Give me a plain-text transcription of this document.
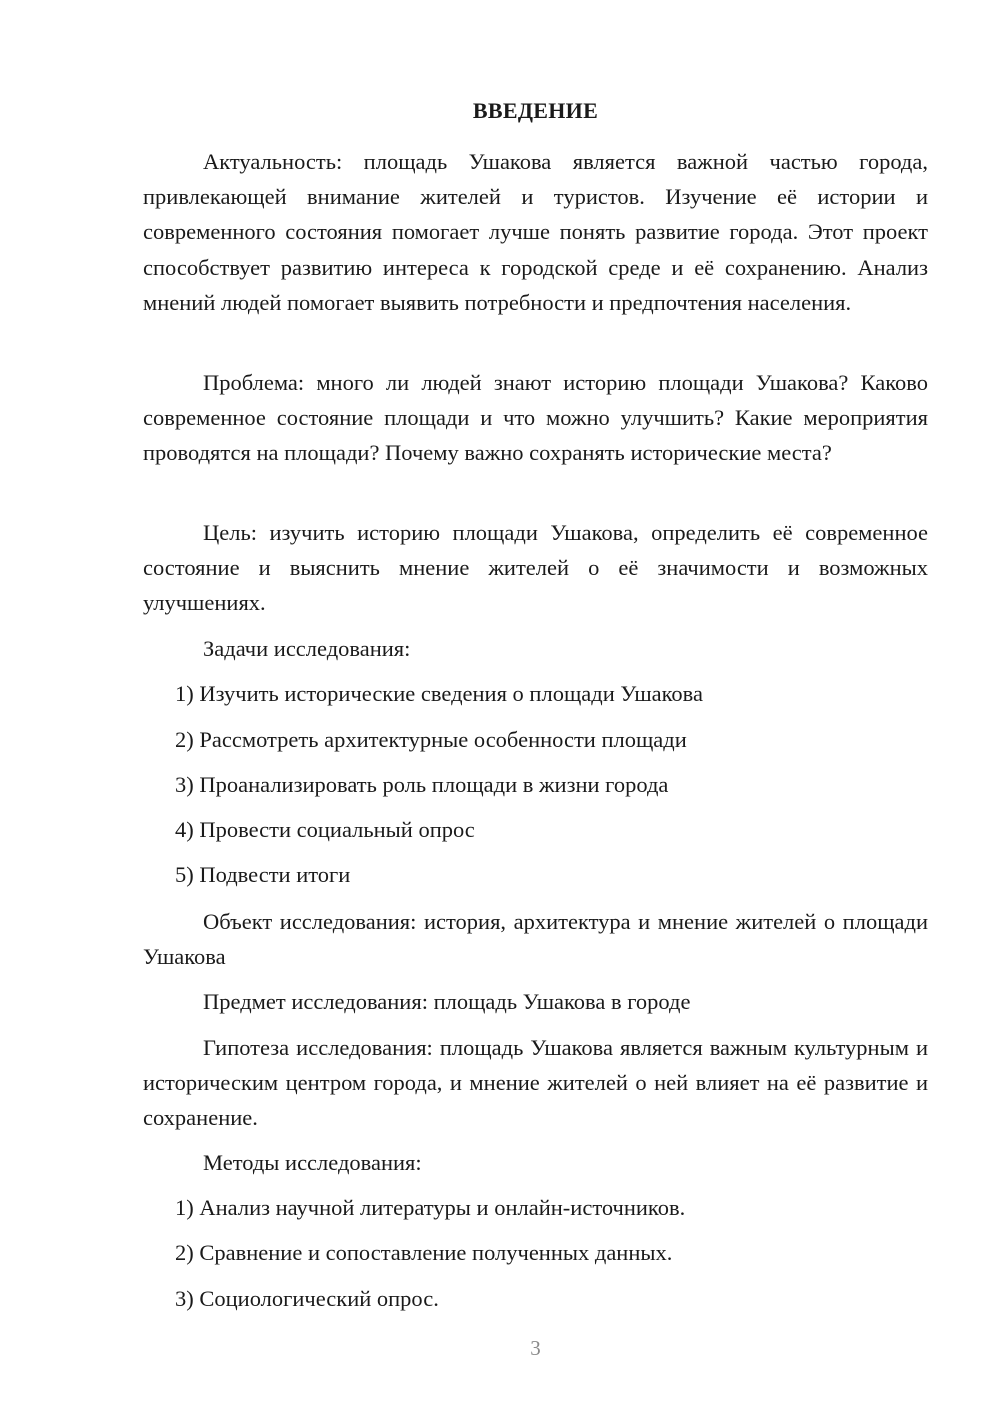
ВВЕДЕНИЕ

Актуальность: площадь Ушакова является важной частью города, привлекающей внимание жителей и туристов. Изучение её истории и современного состояния помогает лучше понять развитие города. Этот проект способствует развитию интереса к городской среде и её сохранению. Анализ мнений людей помогает выявить потребности и предпочтения населения.

Проблема: много ли людей знают историю площади Ушакова? Каково современное состояние площади и что можно улучшить? Какие мероприятия проводятся на площади? Почему важно сохранять исторические места?

Цель: изучить историю площади Ушакова, определить её современное состояние и выяснить мнение жителей о её значимости и возможных улучшениях.

Задачи исследования:

1) Изучить исторические сведения о площади Ушакова

2) Рассмотреть архитектурные особенности площади

3) Проанализировать роль площади в жизни города

4) Провести социальный опрос

5) Подвести итоги

Объект исследования: история, архитектура и мнение жителей о площади Ушакова

Предмет исследования: площадь Ушакова в городе

Гипотеза исследования: площадь Ушакова является важным культурным и историческим центром города, и мнение жителей о ней влияет на её развитие и сохранение.

Методы исследования:

1) Анализ научной литературы и онлайн-источников.

2) Сравнение и сопоставление полученных данных.

3) Социологический опрос.

3
